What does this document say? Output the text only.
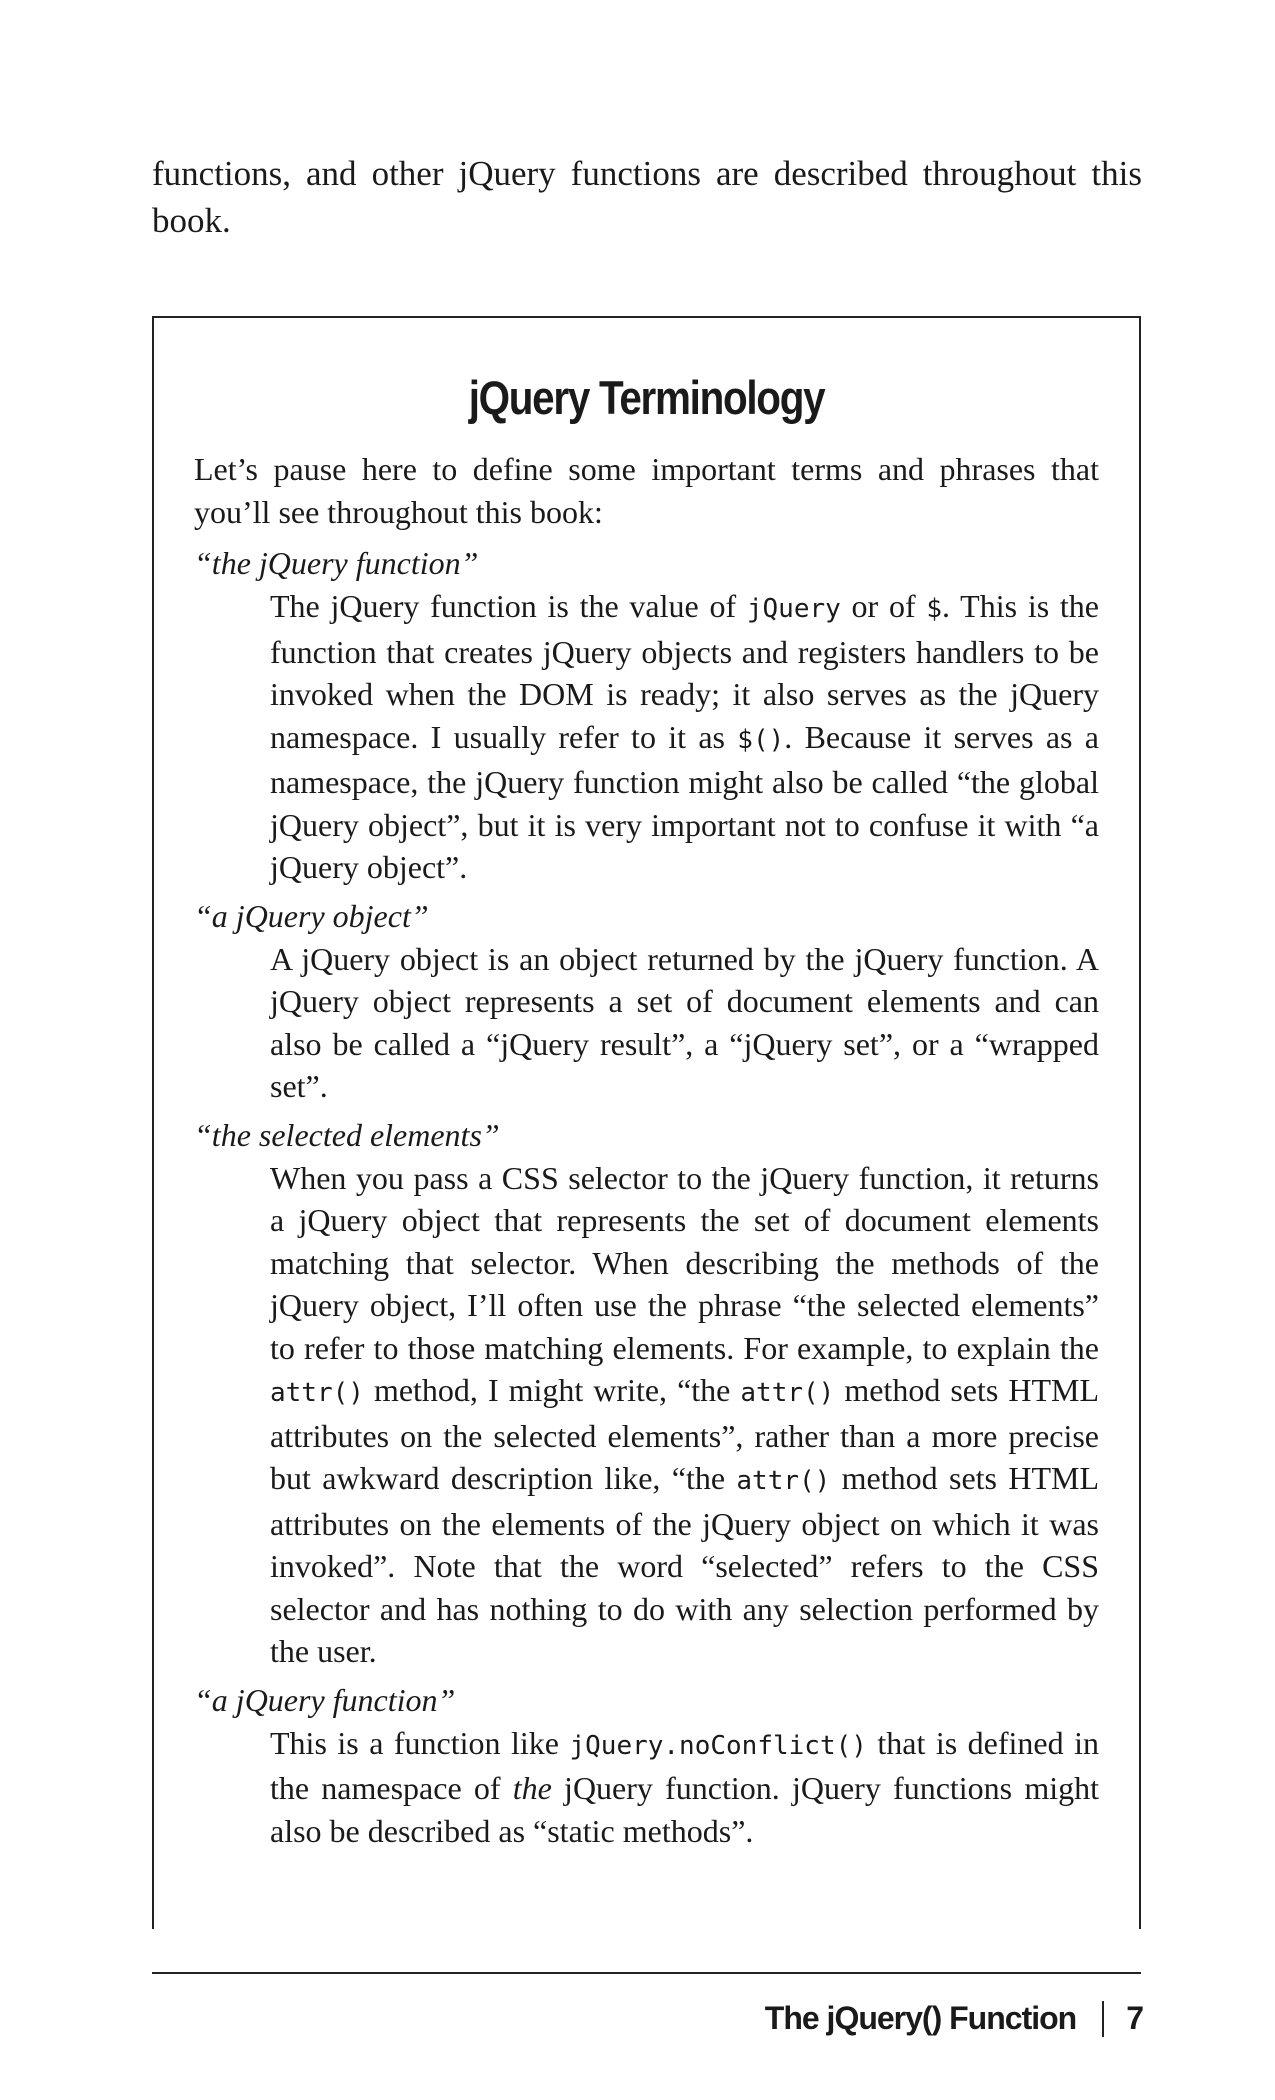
functions, and other jQuery functions are described throughout this book.

jQuery Terminology

Let’s pause here to define some important terms and phrases that you’ll see throughout this book:

“the jQuery function”

The jQuery function is the value of jQuery or of $. This is the function that creates jQuery objects and registers handlers to be invoked when the DOM is ready; it also serves as the jQuery namespace. I usually refer to it as $(). Because it serves as a namespace, the jQuery function might also be called “the global jQuery object”, but it is very important not to confuse it with “a jQuery object”.

“a jQuery object”

A jQuery object is an object returned by the jQuery function. A jQuery object represents a set of document elements and can also be called a “jQuery result”, a “jQuery set”, or a “wrapped set”.

“the selected elements”

When you pass a CSS selector to the jQuery function, it returns a jQuery object that represents the set of document elements matching that selector. When describing the methods of the jQuery object, I’ll often use the phrase “the selected elements” to refer to those matching elements. For example, to explain the attr() method, I might write, “the attr() method sets HTML attributes on the selected elements”, rather than a more precise but awkward description like, “the attr() method sets HTML attributes on the elements of the jQuery object on which it was invoked”. Note that the word “selected” refers to the CSS selector and has nothing to do with any selection performed by the user.

“a jQuery function”

This is a function like jQuery.noConflict() that is defined in the namespace of the jQuery function. jQuery functions might also be described as “static methods”.

The jQuery() Function 7
